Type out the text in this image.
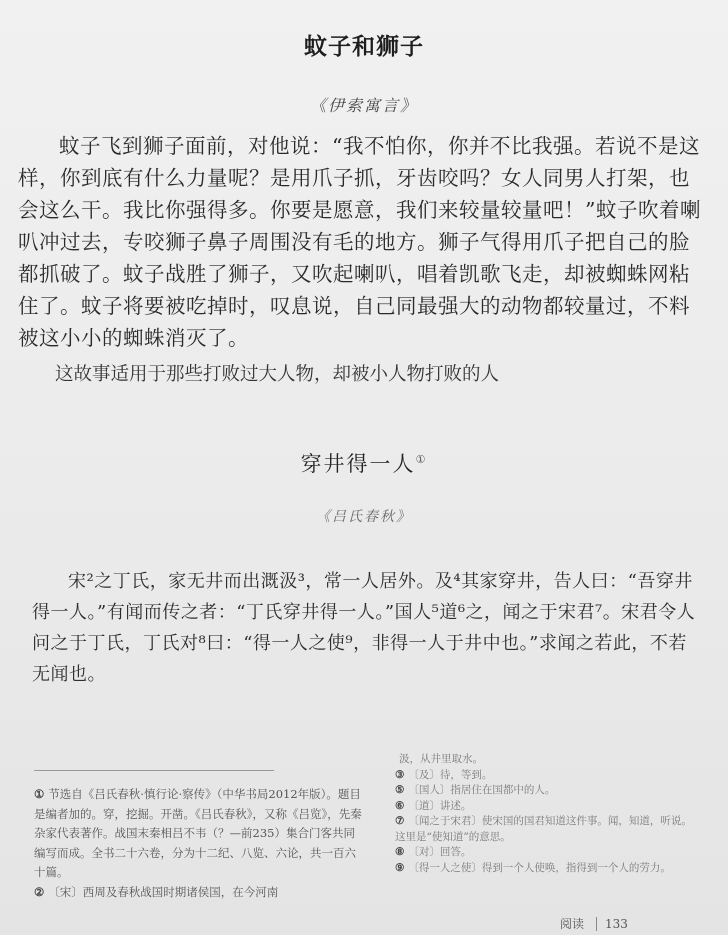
蚊子和狮子
《伊索寓言》

蚊子飞到狮子面前，对他说：“我不怕你，你并不比我强。若说不是这样，你到底有什么力量呢？是用爪子抓，牙齿咬吗？女人同男人打架，也会这么干。我比你强得多。你要是愿意，我们来较量较量吧！”蚊子吹着喇叭冲过去，专咬狮子鼻子周围没有毛的地方。狮子气得用爪子把自己的脸都抓破了。蚊子战胜了狮子，又吹起喇叭，唱着凯歌飞走，却被蜘蛛网粘住了。蚊子将要被吃掉时，叹息说，自己同最强大的动物都较量过，不料被这小小的蜘蛛消灭了。

这故事适用于那些打败过大人物，却被小人物打败的人

穿井得一人①
《吕氏春秋》

宋²之丁氏，家无井而出溉汲³，常一人居外。及⁴其家穿井，告人曰：“吾穿井得一人。”有闻而传之者：“丁氏穿井得一人。”国人⁵道⁶之，闻之于宋君⁷。宋君令人问之于丁氏，丁氏对⁸曰：“得一人之使⁹，非得一人于井中也。”求闻之若此，不若无闻也。

① 节选自《吕氏春秋·慎行论·察传》（中华书局2012年版）。题目是编者加的。穿，挖掘。开凿。《吕氏春秋》，又称《吕览》，先秦杂家代表著作。战国末秦相吕不韦（？—前235）集合门客共同编写而成。全书二十六卷，分为十二纪、八览、六论，共一百六十篇。

② 〔宋〕西周及春秋战国时期诸侯国，在今河南

汲，从井里取水。

③ 〔及〕待，等到。

⑤ 〔国人〕指居住在国都中的人。

⑥ 〔道〕讲述。

⑦ 〔闻之于宋君〕使宋国的国君知道这件事。闻，知道，听说。这里是“使知道”的意思。

⑧ 〔对〕回答。

⑨ 〔得一人之使〕得到一个人使唤，指得到一个人的劳力。

阅读 133
